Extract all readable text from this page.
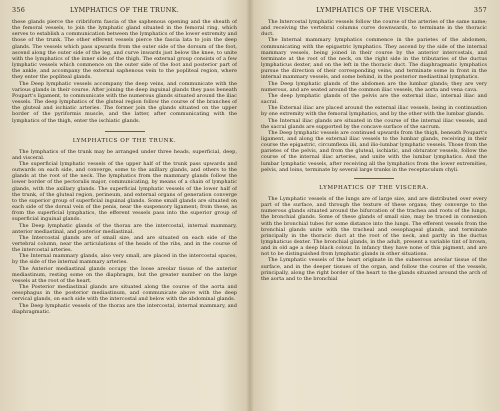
356	LYMPHATICS OF THE TRUNK.

these glands pierce the cribriform fascia of the saphenous opening and the sheath of the femoral vessels, to join the lymphatic gland situated in the femoral ring, which serves to establish a communication between the lymphatics of the lower extremity and those of the trunk. The other efferent vessels pierce the fascia lata to join the deep glands. The vessels which pass upwards from the outer side of the dorsum of the foot, ascend along the outer side of the leg, and curve inwards just below the knee, to unite with the lymphatics of the inner side of the thigh. The external group consists of a few lymphatic vessels which commence on the outer side of the foot and posterior part of the ankle, and accompany the external saphenous vein to the popliteal region, where they enter the popliteal glands.

The Deep lymphatic vessels accompany the deep veins, and communicate with the various glands in their course. After joining the deep inguinal glands they pass beneath Poupart's ligament, to communicate with the numerous glands situated around the iliac vessels. The deep lymphatics of the gluteal region follow the course of the branches of the gluteal and ischiatic arteries. The former join the glands situated on the upper border of the pyriformis muscle, and the latter, after communicating with the lymphatics of the thigh, enter the ischiatic glands.

LYMPHATICS OF THE TRUNK.

The lymphatics of the trunk may be arranged under three heads, superficial, deep, and visceral.

The superficial lymphatic vessels of the upper half of the trunk pass upwards and outwards on each side, and converge, some to the axillary glands, and others to the glands at the root of the neck. The lymphatics from the mammary glands follow the lower border of the pectoralis major, communicating, by means of a chain of lymphatic glands, with the axillary glands. The superficial lymphatic vessels of the lower half of the trunk, of the gluteal region, perineum, and external organs of generation converge to the superior group of superficial inguinal glands. Some small glands are situated on each side of the dorsal vein of the penis, near the suspensory ligament; from these, as from the superficial lymphatics, the efferent vessels pass into the superior group of superficial inguinal glands.

The Deep lymphatic glands of the thorax are the intercostal, internal mammary, anterior mediastinal, and posterior mediastinal.

The Intercostal glands are of small size, and are situated on each side of the vertebral column, near the articulations of the heads of the ribs, and in the course of the intercostal arteries.

The Internal mammary glands, also very small, are placed in the intercostal spaces, by the side of the internal mammary arteries.

The Anterior mediastinal glands occupy the loose areolar tissue of the anterior mediastinum, resting some on the diaphragm, but the greater number on the large vessels at the root of the heart.

The Posterior mediastinal glands are situated along the course of the aorta and oesophagus in the posterior mediastinum, and communicate above with the deep cervical glands, on each side with the intercostal and below with the abdominal glands.

The Deep lymphatic vessels of the thorax are the intercostal, internal mammary, and diaphragmatic.

LYMPHATICS OF THE VISCERA.	357

The Intercostal lymphatic vessels follow the course of the arteries of the same name; and receiving the vertebral columns curve downwards, to terminate in the thoracic duct.

The Internal mammary lymphatics commence in the parietes of the abdomen, communicating with the epigastric lymphatics. They ascend by the side of the internal mammary vessels, being joined in their course by the anterior intercostals, and terminate at the root of the neck, on the right side in the tributaries of the ductus lymphaticus dexter, and on the left in the thoracic duct. The diaphragmatic lymphatics pursue the direction of their corresponding veins, and terminate some in front in the internal mammary vessels, and some behind, in the posterior mediastinal lymphatics.

The Deep lymphatic glands of the abdomen are the lumbar glands; they are very numerous, and are seated around the common iliac vessels, the aorta and vena cava.

The deep lymphatic glands of the pelvis are the external iliac, internal iliac and sacral.

The External iliac are placed around the external iliac vessels, being in continuation by one extremity with the femoral lymphatics, and by the other with the lumbar glands.

The Internal iliac glands are situated in the course of the internal iliac vessels, and the sacral glands are supported by the concave surface of the sacrum.

The Deep lymphatic vessels are continued upwards from the thigh, beneath Poupart's ligament, and along the external iliac vessels to the lumbar glands, receiving in their course the epigastric, circumflexa ilii, and ilio-lumbar lymphatic vessels. Those from the parietes of the pelvis, and from the gluteal, ischiatic, and obturator vessels, follow the course of the internal iliac arteries, and unite with the lumbar lymphatics. And the lumbar lymphatic vessels, after receiving all the lymphatics from the lower extremities, pelvis, and loins, terminate by several large trunks in the receptaculum chyli.

LYMPHATICS OF THE VISCERA.

The Lymphatic vessels of the lungs are of large size, and are distributed over every part of the surface, and through the texture of these organs; they converge to the numerous glands situated around the bifurcation of the trachea and roots of the lungs, the bronchial glands. Some of these glands of small size, may be traced in connexion with the bronchial tubes for some distance into the lungs. The efferent vessels from the bronchial glands unite with the tracheal and oesophageal glands, and terminate principally in the thoracic duct at the root of the neck, and partly in the ductus lymphaticus dexter. The bronchial glands, in the adult, present a variable tint of brown, and in old age a deep black colour. In infancy they have none of this pigment, and are not to be distinguished from lymphatic glands in other situations.

The Lymphatic vessels of the heart originate in the subserous areolar tissue of the surface, and in the deeper tissues of the organ, and follow the course of the vessels, principally, along the right border of the heart to the glands situated around the arch of the aorta and to the bronchial
